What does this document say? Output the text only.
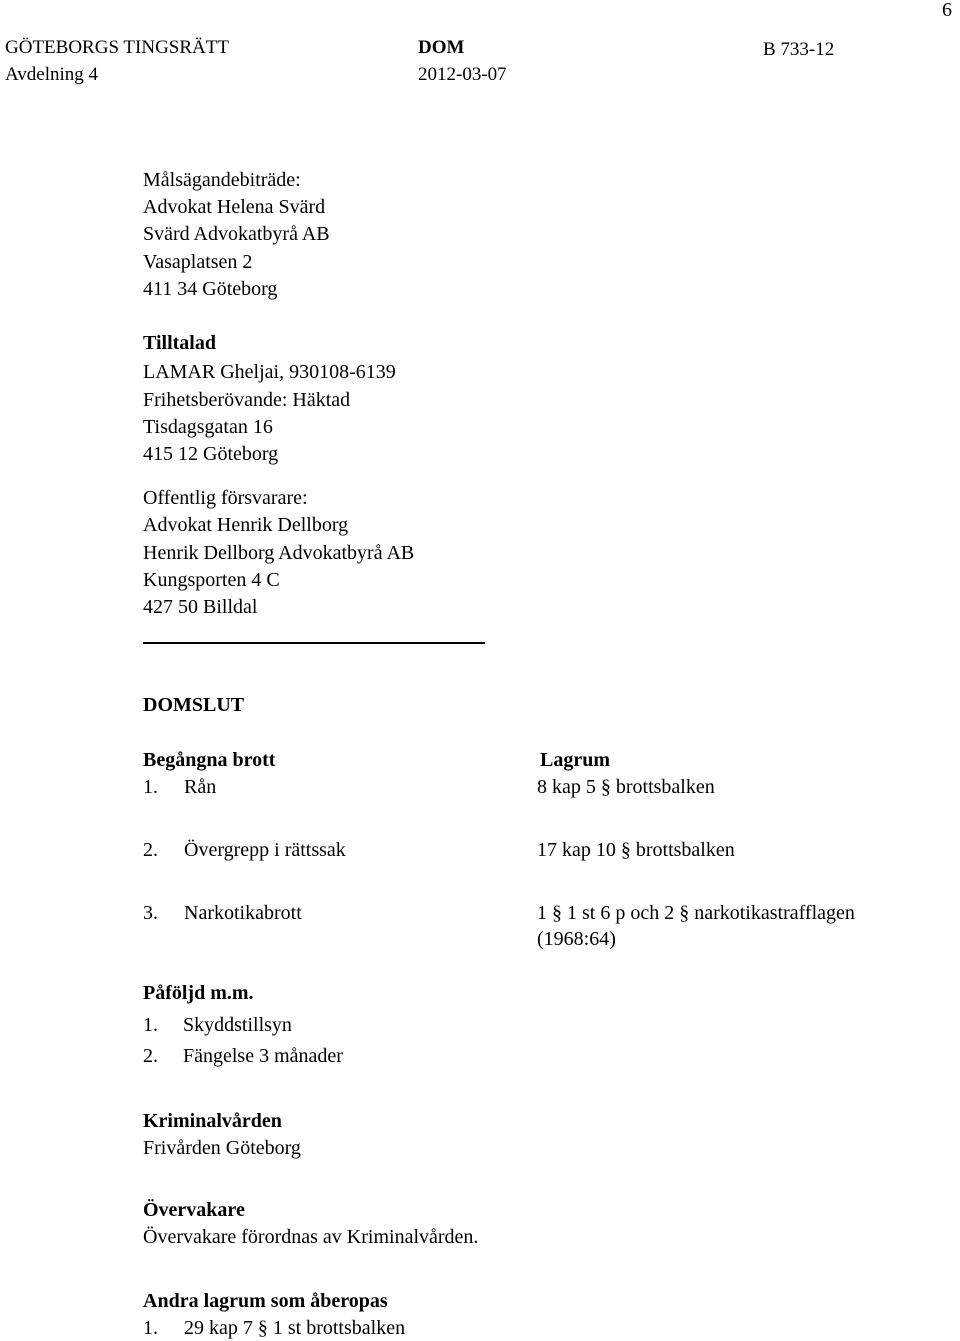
6
GÖTEBORGS TINGSRÄTT
Avdelning 4
DOM
2012-03-07
B 733-12
Målsägandebiträde:
Advokat Helena Svärd
Svärd Advokatbyrå AB
Vasaplatsen 2
411 34 Göteborg
Tilltalad
LAMAR Gheljai, 930108-6139
Frihetsberövande: Häktad
Tisdagsgatan 16
415 12 Göteborg
Offentlig försvarare:
Advokat Henrik Dellborg
Henrik Dellborg Advokatbyrå AB
Kungsporten 4 C
427 50 Billdal
DOMSLUT
Begångna brott	Lagrum
1. Rån	8 kap 5 § brottsbalken
2. Övergrepp i rättssak	17 kap 10 § brottsbalken
3. Narkotikabrott	1 § 1 st 6 p och 2 § narkotikastrafflagen
(1968:64)
Påföljd m.m.
1. Skyddstillsyn
2. Fängelse 3 månader
Kriminalvården
Frivården Göteborg
Övervakare
Övervakare förordnas av Kriminalvården.
Andra lagrum som åberopas
1. 29 kap 7 § 1 st brottsbalken
